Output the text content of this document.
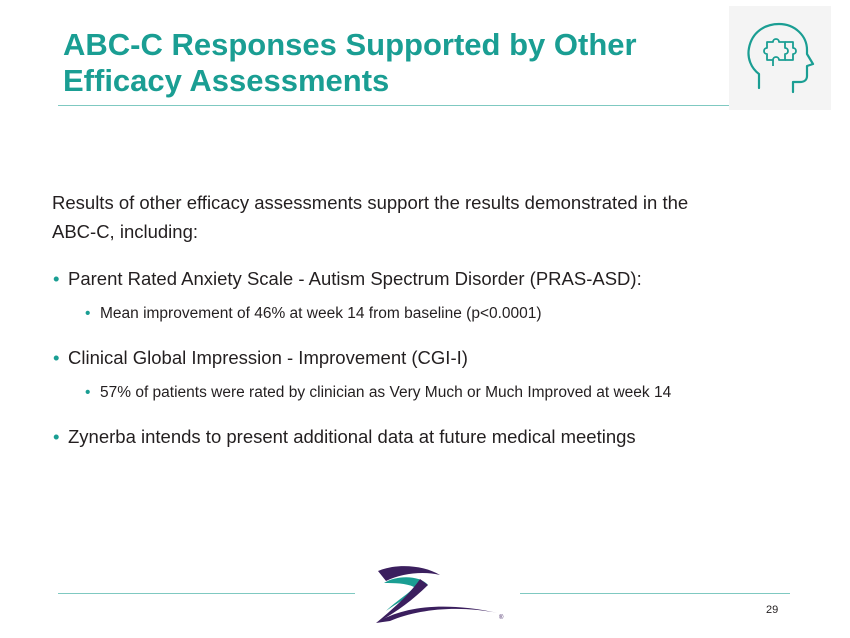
ABC-C Responses Supported by Other
Efficacy Assessments

Results of other efficacy assessments support the results demonstrated in the
ABC-C, including:

• Parent Rated Anxiety Scale - Autism Spectrum Disorder (PRAS-ASD):
• Mean improvement of 46% at week 14 from baseline (p<0.0001)
• Clinical Global Impression - Improvement (CGI-I)
• 57% of patients were rated by clinician as Very Much or Much Improved at week 14
• Zynerba intends to present additional data at future medical meetings
®
29
